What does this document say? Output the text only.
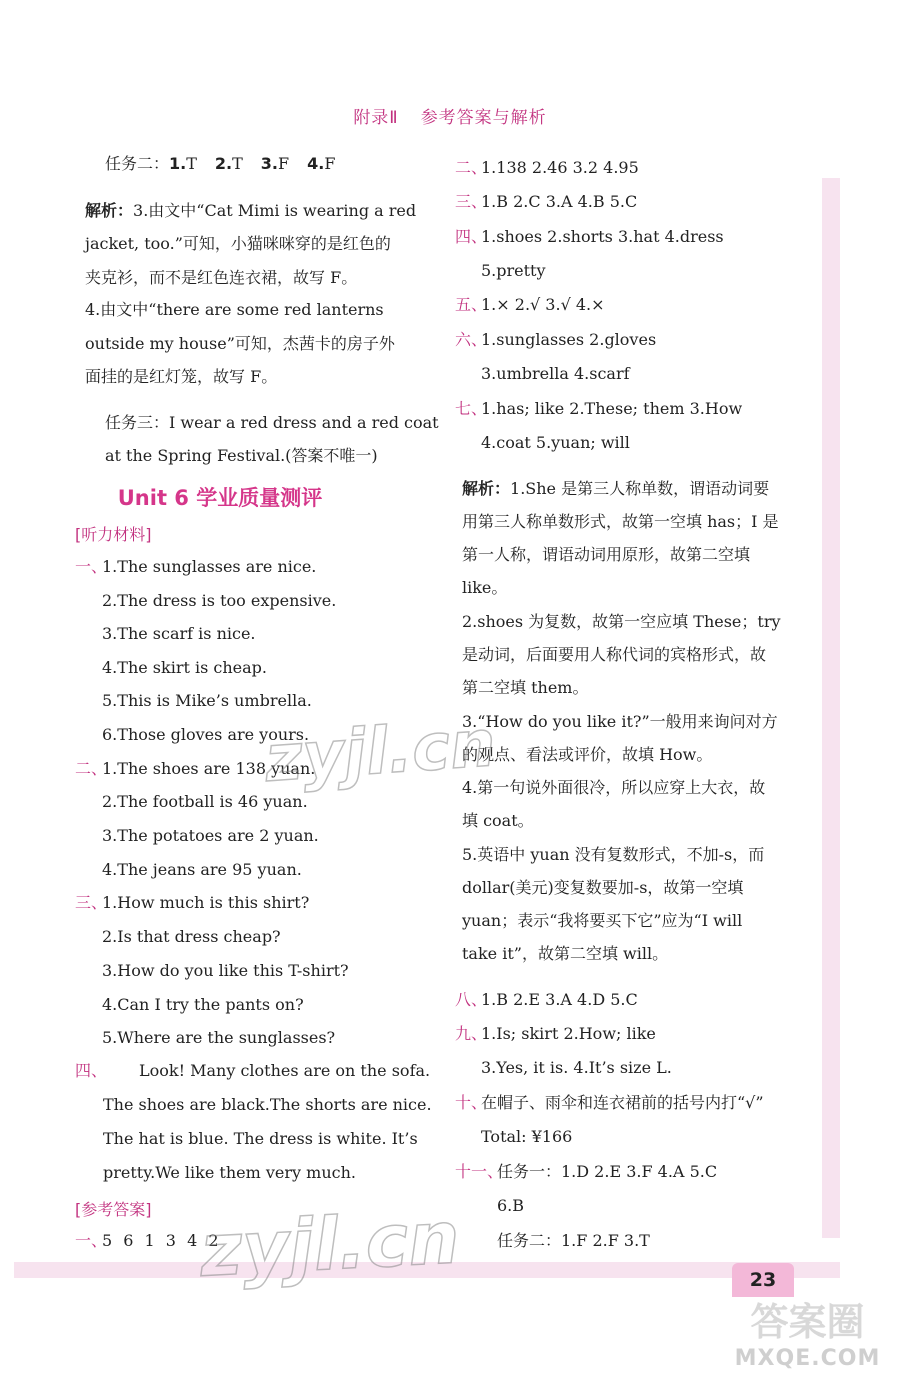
附录Ⅱ 参考答案与解析
任务二：1.T 2.T 3.F 4.F
解析：3.由文中“Cat Mimi is wearing a red
jacket, too.”可知，小猫咪咪穿的是红色的
夹克衫，而不是红色连衣裙，故写 F。
4.由文中“there are some red lanterns
outside my house”可知，杰茜卡的房子外
面挂的是红灯笼，故写 F。
任务三：I wear a red dress and a red coat
at the Spring Festival.(答案不唯一)
Unit 6 学业质量测评
[听力材料]
一、
1.The sunglasses are nice.
2.The dress is too expensive.
3.The scarf is nice.
4.The skirt is cheap.
5.This is Mike’s umbrella.
6.Those gloves are yours.
二、
1.The shoes are 138 yuan.
2.The football is 46 yuan.
3.The potatoes are 2 yuan.
4.The jeans are 95 yuan.
三、
1.How much is this shirt?
2.Is that dress cheap?
3.How do you like this T-shirt?
4.Can I try the pants on?
5.Where are the sunglasses?
四、 Look! Many clothes are on the sofa.
The shoes are black.The shorts are nice.
The hat is blue. The dress is white. It’s
pretty.We like them very much.
[参考答案]
一、
5 6 1 3 4 2
二、
1.138 2.46 3.2 4.95
三、
1.B 2.C 3.A 4.B 5.C
四、
1.shoes 2.shorts 3.hat 4.dress
5.pretty
五、
1.× 2.√ 3.√ 4.×
六、
1.sunglasses 2.gloves
3.umbrella 4.scarf
七、
1.has; like 2.These; them 3.How
4.coat 5.yuan; will
解析：1.She 是第三人称单数，谓语动词要
用第三人称单数形式，故第一空填 has；I 是
第一人称，谓语动词用原形，故第二空填
like。
2.shoes 为复数，故第一空应填 These；try
是动词，后面要用人称代词的宾格形式，故
第二空填 them。
3.“How do you like it?”一般用来询问对方
的观点、看法或评价，故填 How。
4.第一句说外面很冷，所以应穿上大衣，故
填 coat。
5.英语中 yuan 没有复数形式，不加-s，而
dollar(美元)变复数要加-s，故第一空填
yuan；表示“我将要买下它”应为“I will
take it”，故第二空填 will。
八、
1.B 2.E 3.A 4.D 5.C
九、
1.Is; skirt 2.How; like
3.Yes, it is. 4.It’s size L.
十、
在帽子、雨伞和连衣裙前的括号内打“√”
Total: ¥166
十一、
任务一：1.D 2.E 3.F 4.A 5.C
6.B
任务二：1.F 2.F 3.T
23
zyjl.cn
zyjl.cn
答案圈
MXQE.COM
